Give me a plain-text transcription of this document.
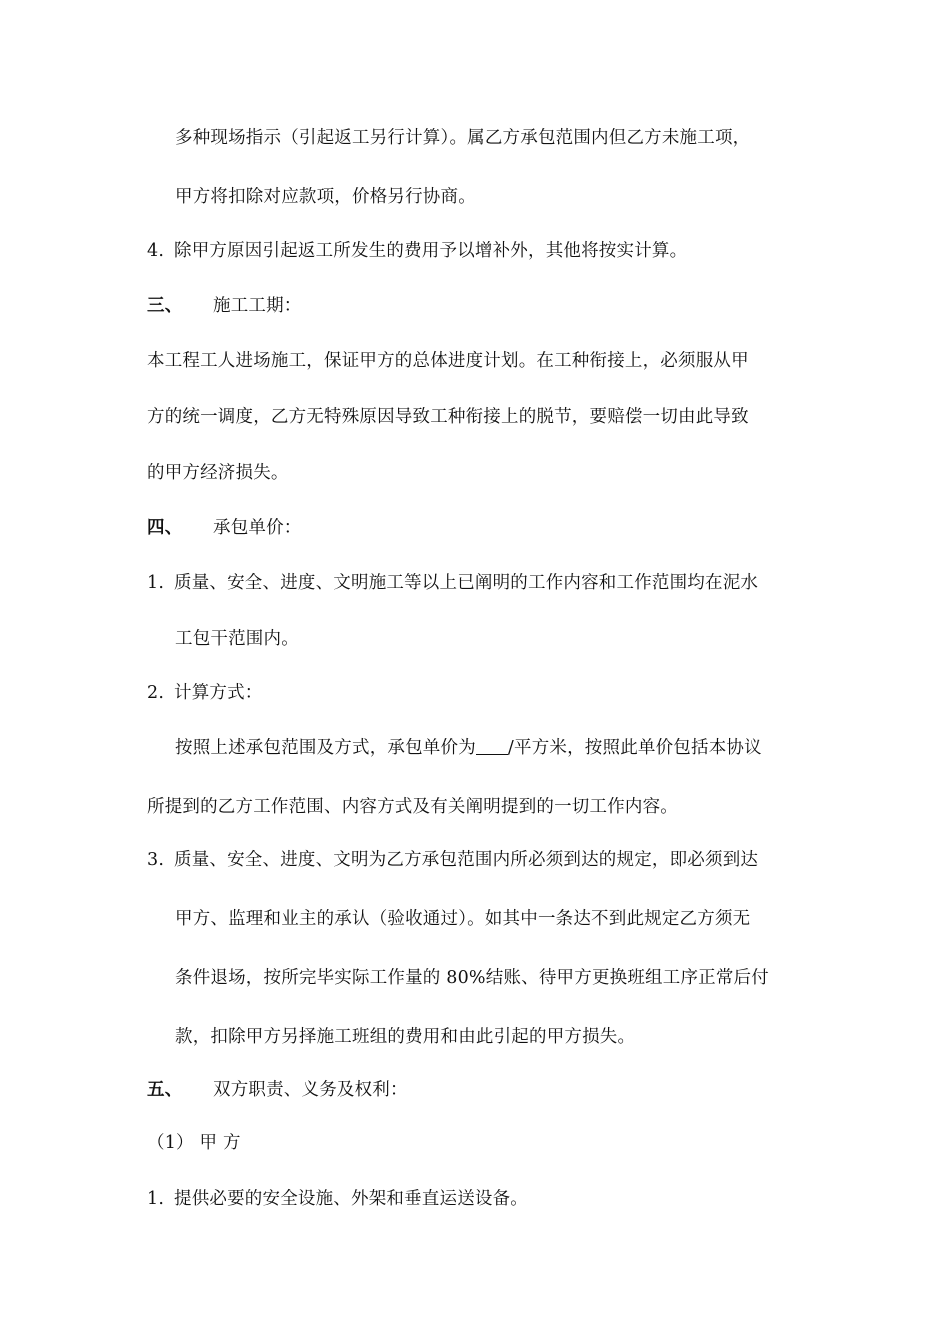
多种现场指示（引起返工另行计算）。属乙方承包范围内但乙方未施工项，
甲方将扣除对应款项，价格另行协商。
4. 除甲方原因引起返工所发生的费用予以增补外，其他将按实计算。
三、 施工工期：
本工程工人进场施工，保证甲方的总体进度计划。在工种衔接上，必须服从甲
方的统一调度，乙方无特殊原因导致工种衔接上的脱节，要赔偿一切由此导致
的甲方经济损失。
四、 承包单价：
1. 质量、安全、进度、文明施工等以上已阐明的工作内容和工作范围均在泥水
工包干范围内。
2. 计算方式：
按照上述承包范围及方式，承包单价为 /平方米，按照此单价包括本协议
所提到的乙方工作范围、内容方式及有关阐明提到的一切工作内容。
3. 质量、安全、进度、文明为乙方承包范围内所必须到达的规定，即必须到达
甲方、监理和业主的承认（验收通过）。如其中一条达不到此规定乙方须无
条件退场，按所完毕实际工作量的 80%结账、待甲方更换班组工序正常后付
款，扣除甲方另择施工班组的费用和由此引起的甲方损失。
五、 双方职责、义务及权利：
（1） 甲 方
1. 提供必要的安全设施、外架和垂直运送设备。
